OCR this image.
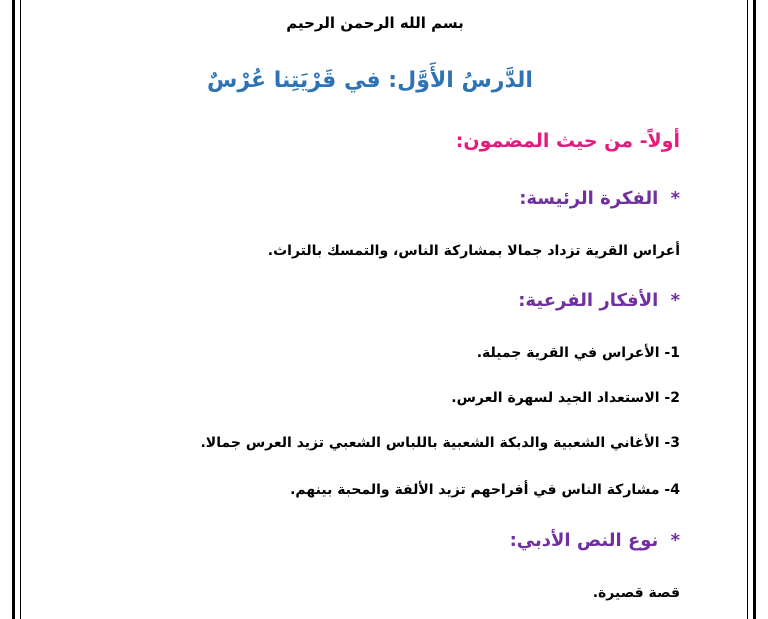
بسم الله الرحمن الرحيم
الدَّرسُ الأَوَّل: في قَرْيَتِنا عُرْسٌ
أولاً- من حيث المضمون:
* الفكرة الرئيسة:
أعراس القرية تزداد جمالا بمشاركة الناس، والتمسك بالتراث.
* الأفكار الفرعية:
1- الأعراس في القرية جميلة.
2- الاستعداد الجيد لسهرة العرس.
3- الأغاني الشعبية والدبكة الشعبية باللباس الشعبي تزيد العرس جمالا.
4- مشاركة الناس في أفراحهم تزيد الألفة والمحبة بينهم.
* نوع النص الأدبي:
قصة قصيرة.
